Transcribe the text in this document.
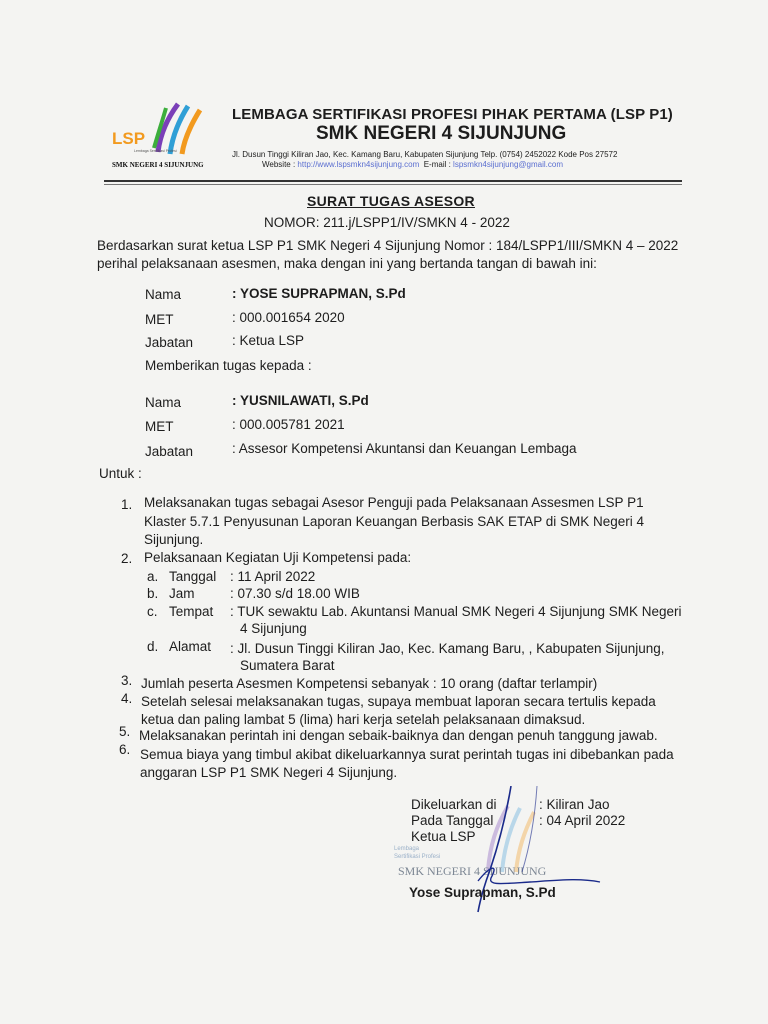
LSP
Lembaga Sertifikasi Profesi
SMK NEGERI 4 SIJUNJUNG
LEMBAGA SERTIFIKASI PROFESI PIHAK PERTAMA (LSP P1)
SMK NEGERI 4 SIJUNJUNG
Jl. Dusun Tinggi Kiliran Jao, Kec. Kamang Baru, Kabupaten Sijunjung Telp. (0754) 2452022 Kode Pos 27572
Website : http://www.lspsmkn4sijunjung.com E-mail : lspsmkn4sijunjung@gmail.com
SURAT TUGAS ASESOR
NOMOR: 211.j/LSPP1/IV/SMKN 4 - 2022
Berdasarkan surat ketua LSP P1 SMK Negeri 4 Sijunjung Nomor : 184/LSPP1/III/SMKN 4 – 2022
perihal pelaksanaan asesmen, maka dengan ini yang bertanda tangan di bawah ini:
Nama	: YOSE SUPRAPMAN, S.Pd
MET	: 000.001654 2020
Jabatan	: Ketua LSP
Memberikan tugas kepada :
Nama	: YUSNILAWATI, S.Pd
MET	: 000.005781 2021
Jabatan	: Assesor Kompetensi Akuntansi dan Keuangan Lembaga
Untuk :
1. Melaksanakan tugas sebagai Asesor Penguji pada Pelaksanaan Assesmen LSP P1
Klaster 5.7.1 Penyusunan Laporan Keuangan Berbasis SAK ETAP di SMK Negeri 4
Sijunjung.
2. Pelaksanaan Kegiatan Uji Kompetensi pada:
a. Tanggal : 11 April 2022
b. Jam	: 07.30 s/d 18.00 WIB
c. Tempat : TUK sewaktu Lab. Akuntansi Manual SMK Negeri 4 Sijunjung SMK Negeri
4 Sijunjung
d. Alamat : Jl. Dusun Tinggi Kiliran Jao, Kec. Kamang Baru, , Kabupaten Sijunjung,
Sumatera Barat
3. Jumlah peserta Asesmen Kompetensi sebanyak : 10 orang (daftar terlampir)
4. Setelah selesai melaksanakan tugas, supaya membuat laporan secara tertulis kepada
ketua dan paling lambat 5 (lima) hari kerja setelah pelaksanaan dimaksud.
5. Melaksanakan perintah ini dengan sebaik-baiknya dan dengan penuh tanggung jawab.
6. Semua biaya yang timbul akibat dikeluarkannya surat perintah tugas ini dibebankan pada
anggaran LSP P1 SMK Negeri 4 Sijunjung.
Lembaga
Sertifikasi Profesi
SMK NEGERI 4 SIJUNJUNG
Dikeluarkan di	: Kiliran Jao
Pada Tanggal	: 04 April 2022
Ketua LSP
Yose Suprapman, S.Pd
